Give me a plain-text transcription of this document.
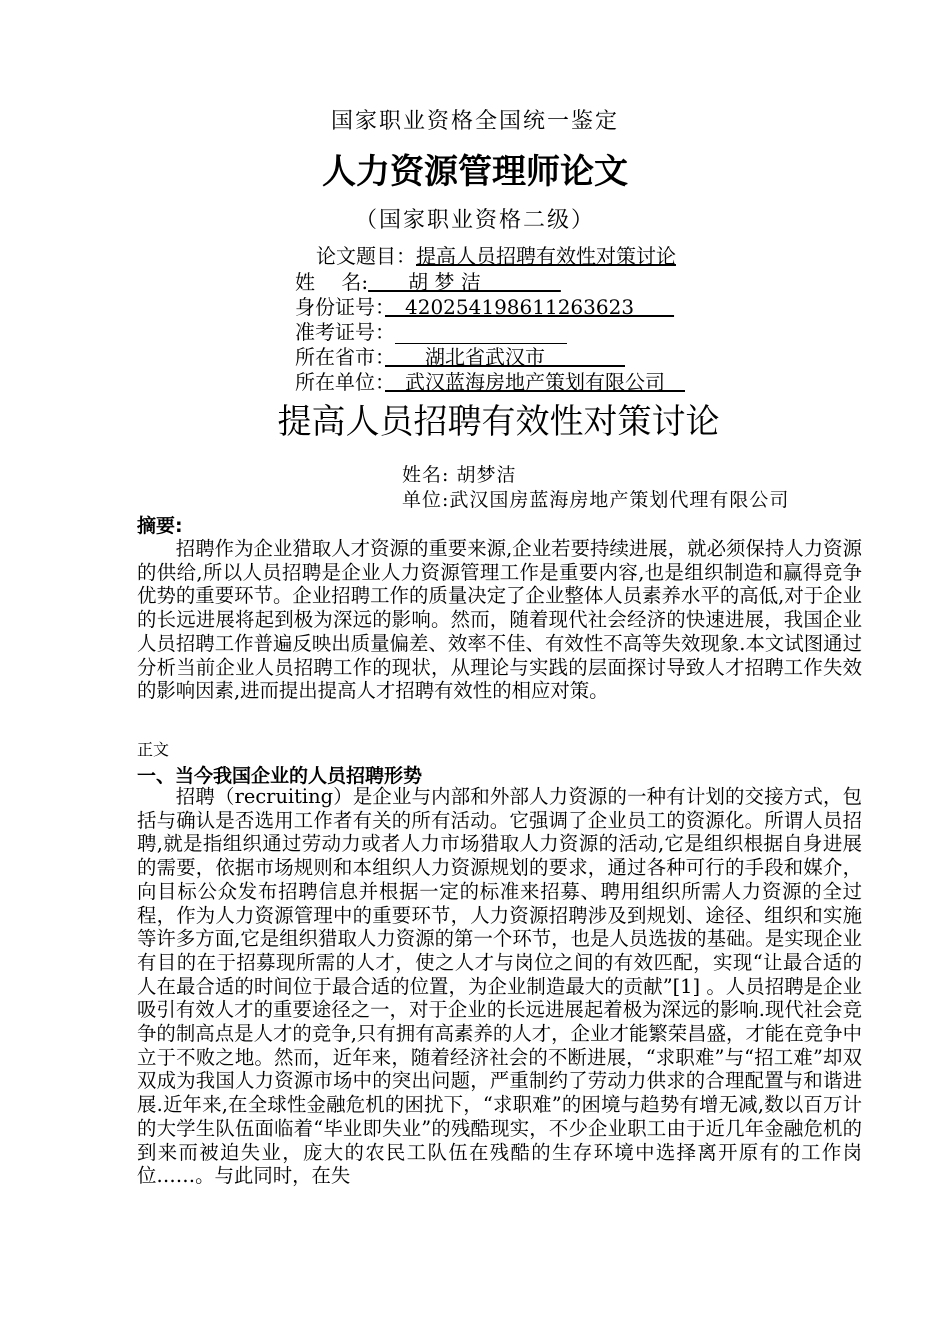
国家职业资格全国统一鉴定
人力资源管理师论文
（国家职业资格二级）
论文题目：提高人员招聘有效性对策讨论
姓　 名:　　胡 梦 洁　　　　
身份证号：　420254198611263623　　
准考证号：
所在省市：　　湖北省武汉市　　　　
所在单位：　武汉蓝海房地产策划有限公司　
提高人员招聘有效性对策讨论
姓名: 胡梦洁
单位:武汉国房蓝海房地产策划代理有限公司
摘要:

招聘作为企业猎取人才资源的重要来源,企业若要持续进展，就必须保持人力资源的供给,所以人员招聘是企业人力资源管理工作是重要内容,也是组织制造和赢得竞争优势的重要环节。企业招聘工作的质量决定了企业整体人员素养水平的高低,对于企业的长远进展将起到极为深远的影响。然而，随着现代社会经济的快速进展，我国企业人员招聘工作普遍反映出质量偏差、效率不佳、有效性不高等失效现象.本文试图通过分析当前企业人员招聘工作的现状，从理论与实践的层面探讨导致人才招聘工作失效的影响因素,进而提出提高人才招聘有效性的相应对策。

正文
一、当今我国企业的人员招聘形势

招聘（recruiting）是企业与内部和外部人力资源的一种有计划的交接方式，包括与确认是否选用工作者有关的所有活动。它强调了企业员工的资源化。所谓人员招聘,就是指组织通过劳动力或者人力市场猎取人力资源的活动,它是组织根据自身进展的需要，依据市场规则和本组织人力资源规划的要求，通过各种可行的手段和媒介，向目标公众发布招聘信息并根据一定的标准来招募、聘用组织所需人力资源的全过程，作为人力资源管理中的重要环节，人力资源招聘涉及到规划、途径、组织和实施等许多方面,它是组织猎取人力资源的第一个环节，也是人员选拔的基础。是实现企业有目的在于招募现所需的人才，使之人才与岗位之间的有效匹配，实现“让最合适的人在最合适的时间位于最合适的位置，为企业制造最大的贡献”[1] 。人员招聘是企业吸引有效人才的重要途径之一，对于企业的长远进展起着极为深远的影响.现代社会竞争的制高点是人才的竞争,只有拥有高素养的人才，企业才能繁荣昌盛，才能在竞争中立于不败之地。然而，近年来，随着经济社会的不断进展，“求职难”与“招工难”却双双成为我国人力资源市场中的突出问题，严重制约了劳动力供求的合理配置与和谐进展.近年来,在全球性金融危机的困扰下，“求职难”的困境与趋势有增无减,数以百万计的大学生队伍面临着“毕业即失业”的残酷现实，不少企业职工由于近几年金融危机的到来而被迫失业，庞大的农民工队伍在残酷的生存环境中选择离开原有的工作岗位……。与此同时，在失
